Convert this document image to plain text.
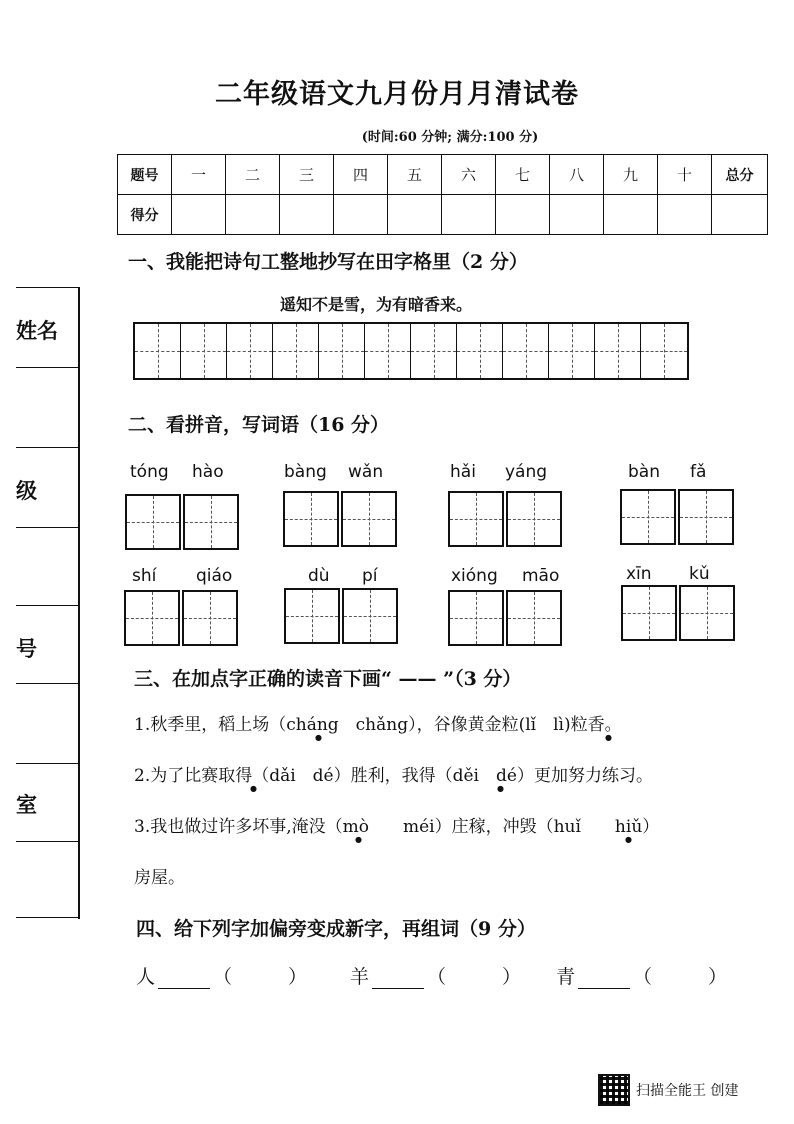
二年级语文九月份月月清试卷
(时间:60 分钟; 满分:100 分)
题号	一	二	三	四	五	六	七	八	九	十	总分
得分											
姓名
级
号
室
一、我能把诗句工整地抄写在田字格里（2 分）
遥知不是雪，为有暗香来。
二、看拼音，写词语（16 分）
tóng hào	bàng wǎn	hǎi yáng	bàn fǎ
shí qiáo	dù pí	xióng māo	xīn kǔ
三、在加点字正确的读音下画“ —— ”（3 分）
1.秋季里，稻上场（cháng　chǎng），谷像黄金粒(lǐ　lì)粒香。
●	●
2.为了比赛取得（dǎi　dé）胜利，我得（děi　dé）更加努力练习。
●	●
3.我也做过许多坏事,淹没（mò　　méi）庄稼，冲毁（huǐ　　hiǔ）
●	●
房屋。
四、给下列字加偏旁变成新字，再组词（9 分）
人	（	） 羊	（	） 青	（	）
扫描全能王 创建
